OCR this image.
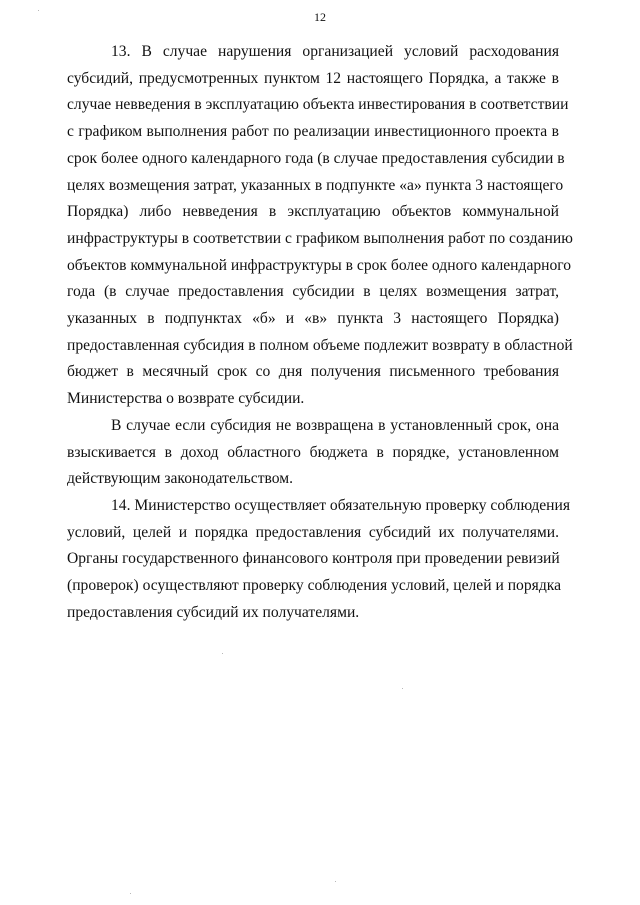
12
13. В случае нарушения организацией условий расходования
субсидий, предусмотренных пунктом 12 настоящего Порядка, а также в
случае невведения в эксплуатацию объекта инвестирования в соответствии
с графиком выполнения работ по реализации инвестиционного проекта в
срок более одного календарного года (в случае предоставления субсидии в
целях возмещения затрат, указанных в подпункте «а» пункта 3 настоящего
Порядка) либо невведения в эксплуатацию объектов коммунальной
инфраструктуры в соответствии с графиком выполнения работ по созданию
объектов коммунальной инфраструктуры в срок более одного календарного
года (в случае предоставления субсидии в целях возмещения затрат,
указанных в подпунктах «б» и «в» пункта 3 настоящего Порядка)
предоставленная субсидия в полном объеме подлежит возврату в областной
бюджет в месячный срок со дня получения письменного требования
Министерства о возврате субсидии.
В случае если субсидия не возвращена в установленный срок, она
взыскивается в доход областного бюджета в порядке, установленном
действующим законодательством.
14. Министерство осуществляет обязательную проверку соблюдения
условий, целей и порядка предоставления субсидий их получателями.
Органы государственного финансового контроля при проведении ревизий
(проверок) осуществляют проверку соблюдения условий, целей и порядка
предоставления субсидий их получателями.
